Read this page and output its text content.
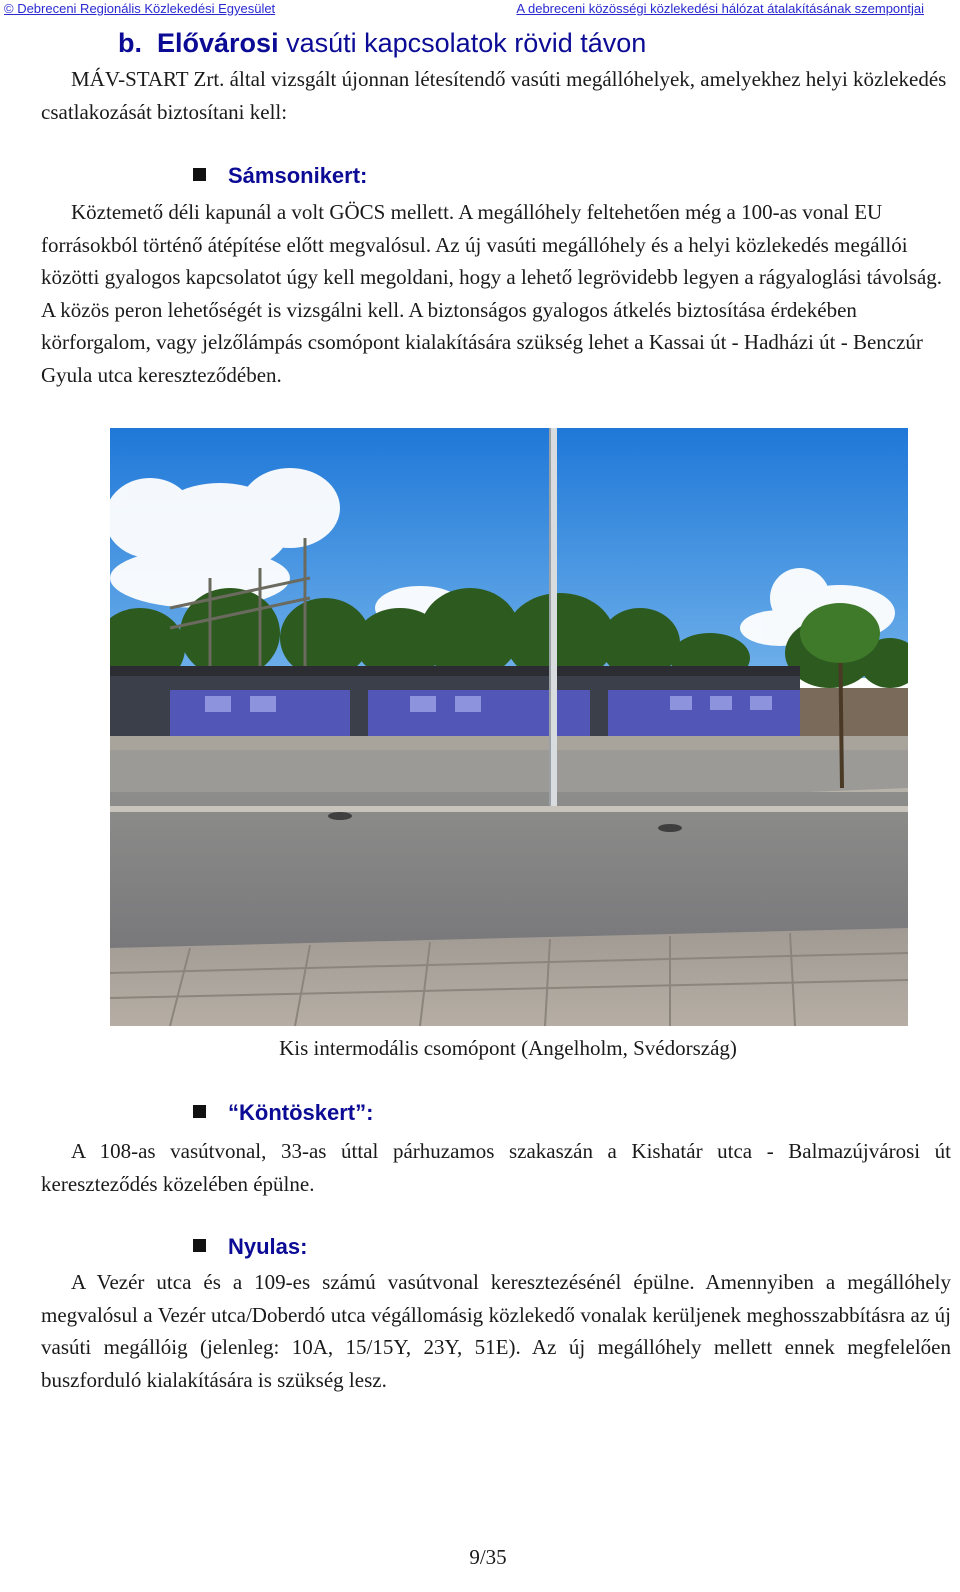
© Debreceni Regionális Közlekedési Egyesület	A debreceni közösségi közlekedési hálózat átalakításának szempontjai
b. Elővárosi vasúti kapcsolatok rövid távon
MÁV-START Zrt. által vizsgált újonnan létesítendő vasúti megállóhelyek, amelyekhez helyi közlekedés csatlakozását biztosítani kell:
Sámsonikert:
Köztemető déli kapunál a volt GÖCS mellett. A megállóhely feltehetően még a 100-as vonal EU forrásokból történő átépítése előtt megvalósul. Az új vasúti megállóhely és a helyi közlekedés megállói közötti gyalogos kapcsolatot úgy kell megoldani, hogy a lehető legrövidebb legyen a rágyaloglási távolság. A közös peron lehetőségét is vizsgálni kell. A biztonságos gyalogos átkelés biztosítása érdekében körforgalom, vagy jelzőlámpás csomópont kialakítására szükség lehet a Kassai út - Hadházi út - Benczúr Gyula utca kereszteződében.
Kis intermodális csomópont (Angelholm, Svédország)
“Köntöskert”:
A 108-as vasútvonal, 33-as úttal párhuzamos szakaszán a Kishatár utca - Balmazújvárosi út kereszteződés közelében épülne.
Nyulas:
A Vezér utca és a 109-es számú vasútvonal keresztezésénél épülne. Amennyiben a megállóhely megvalósul a Vezér utca/Doberdó utca végállomásig közlekedő vonalak kerüljenek meghosszabbításra az új vasúti megállóig (jelenleg: 10A, 15/15Y, 23Y, 51E). Az új megállóhely mellett ennek megfelelően buszforduló kialakítására is szükség lesz.
9/35
